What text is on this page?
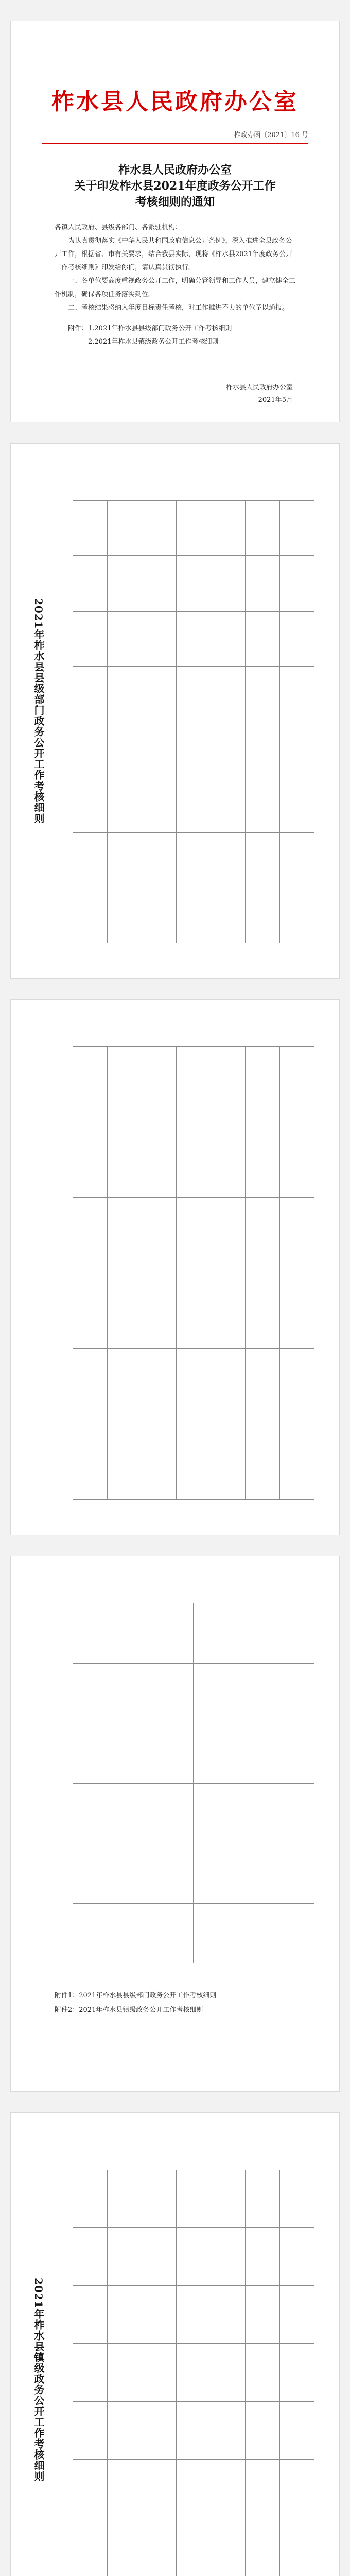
柞水县人民政府办公室
柞政办函〔2021〕16 号
柞水县人民政府办公室
关于印发柞水县2021年度政务公开工作
考核细则的通知

各镇人民政府、县级各部门、各派驻机构：

为认真贯彻落实《中华人民共和国政府信息公开条例》，深入推进全县政务公开工作，根据省、市有关要求，结合我县实际，现将《柞水县2021年度政务公开工作考核细则》印发给你们，请认真贯彻执行。

一、各单位要高度重视政务公开工作，明确分管领导和工作人员，建立健全工作机制，确保各项任务落实到位。

二、考核结果将纳入年度目标责任考核，对工作推进不力的单位予以通报。

附件：1.2021年柞水县县级部门政务公开工作考核细则

2.2021年柞水县镇级政务公开工作考核细则

柞水县人民政府办公室
2021年5月
2021年柞水县县级部门政务公开工作考核细则

附件1：2021年柞水县县级部门政务公开工作考核细则
附件2：2021年柞水县镇级政务公开工作考核细则
2021年柞水县镇级政务公开工作考核细则
